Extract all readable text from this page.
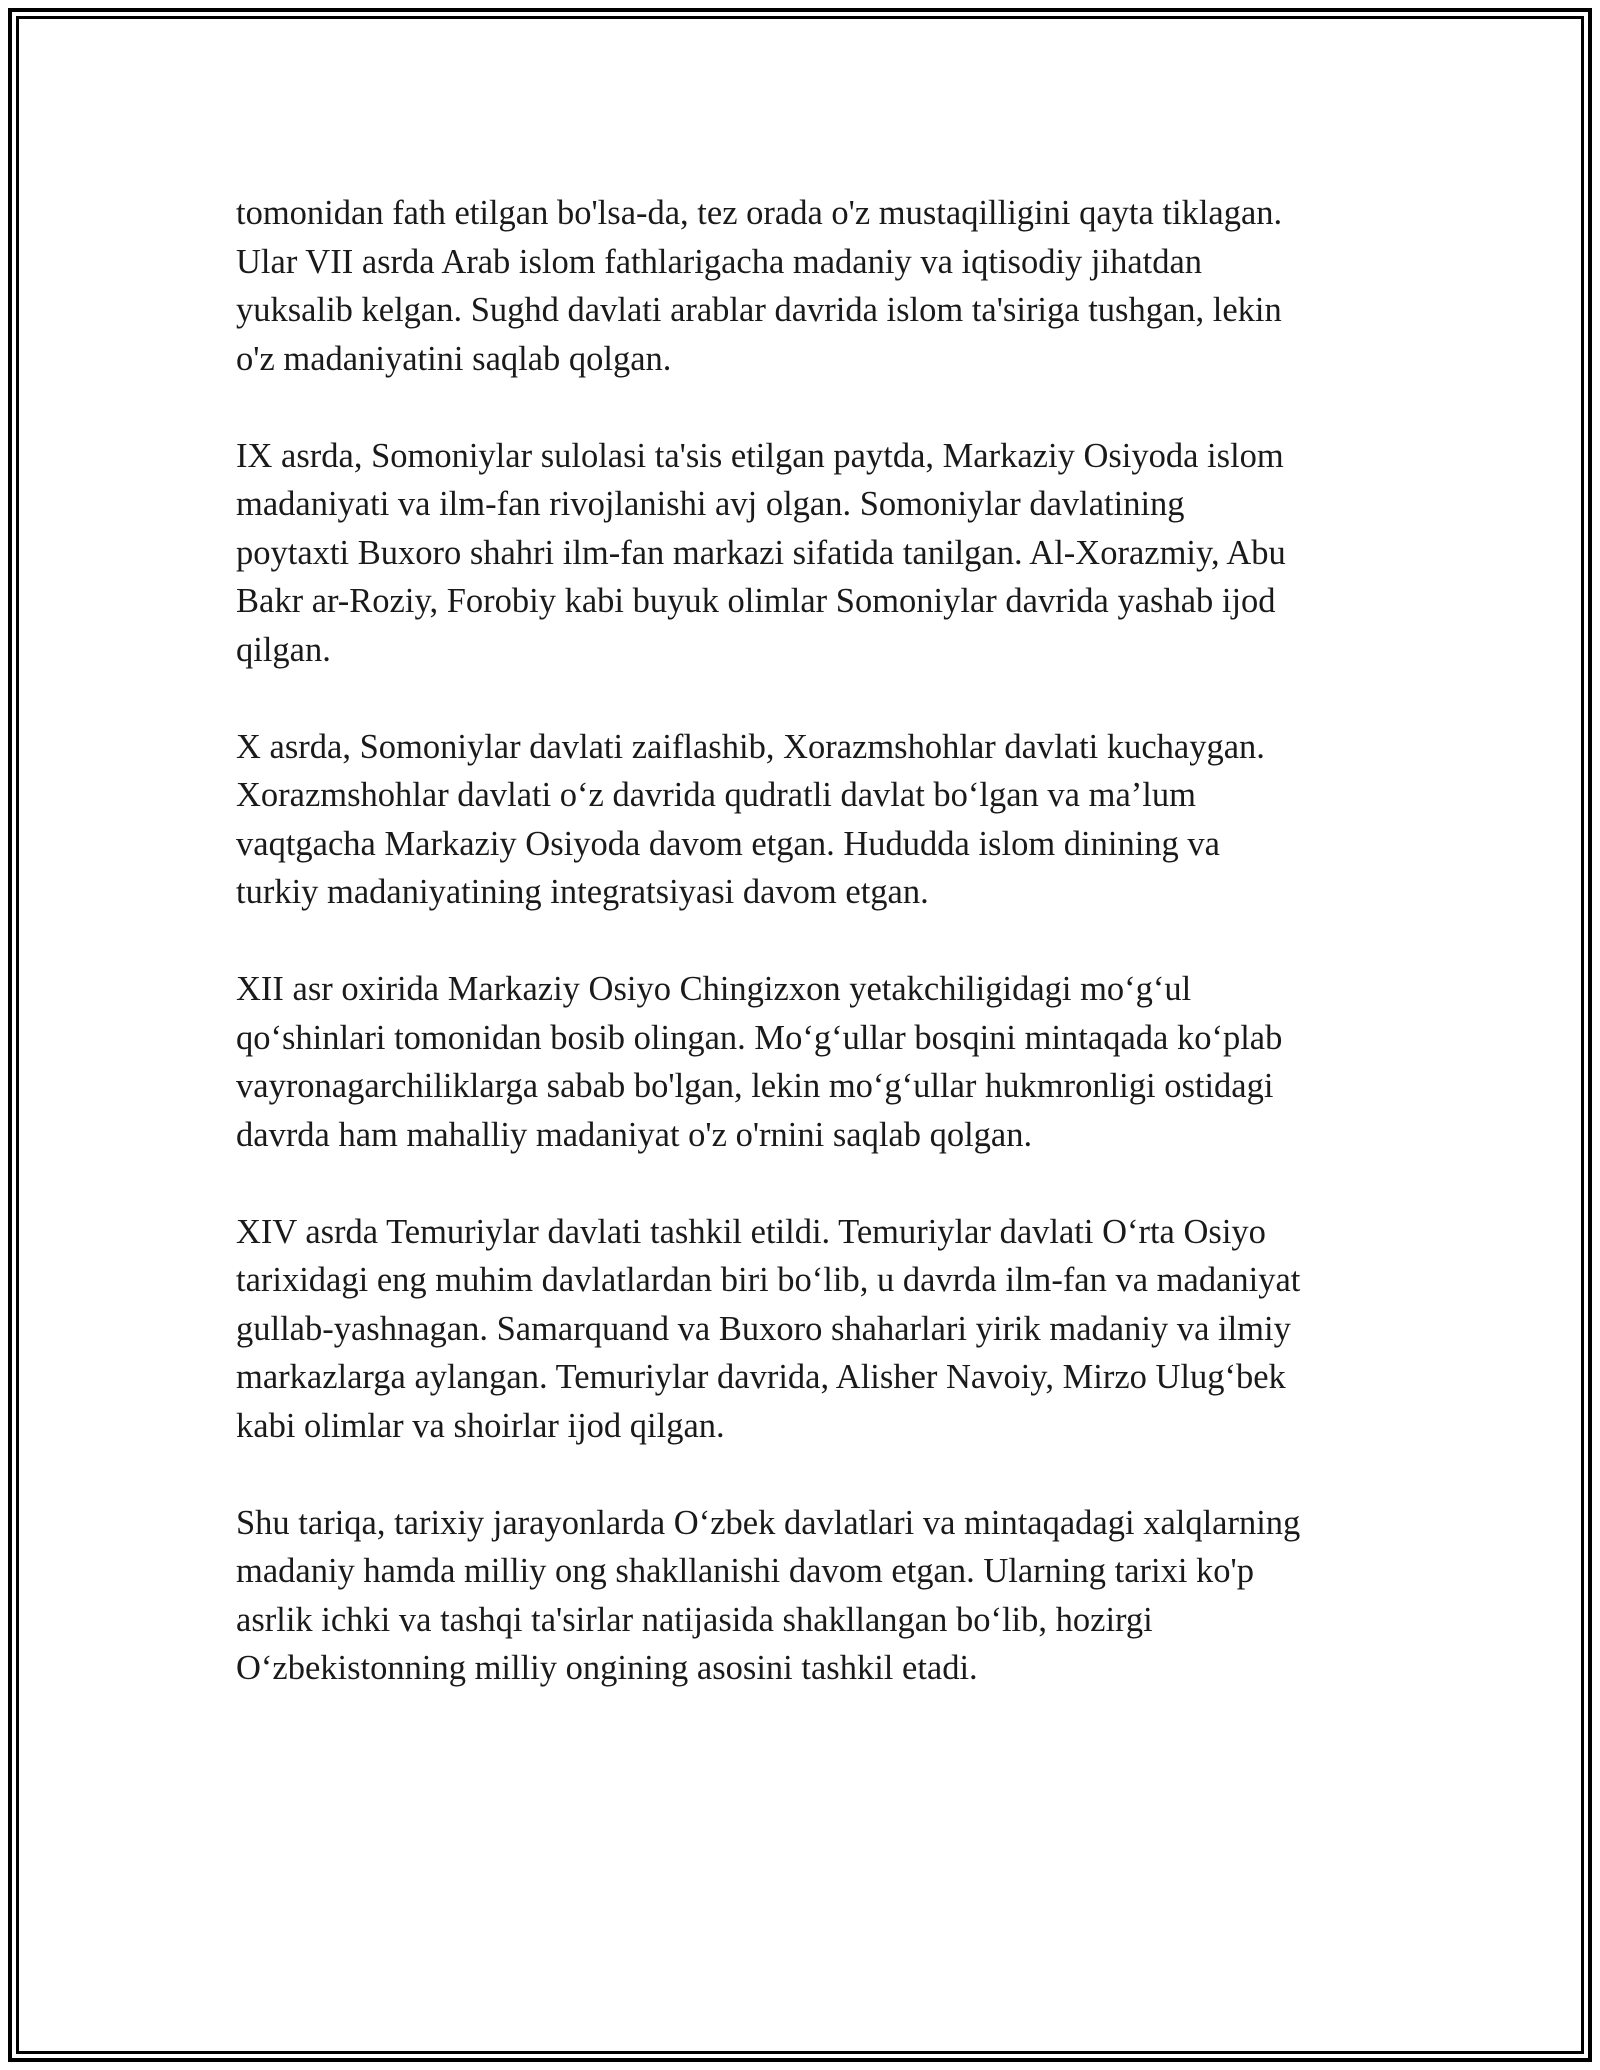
tomonidan fath etilgan bo'lsa-da, tez orada o'z mustaqilligini qayta tiklagan.
Ular VII asrda Arab islom fathlarigacha madaniy va iqtisodiy jihatdan
yuksalib kelgan. Sughd davlati arablar davrida islom ta'siriga tushgan, lekin
o'z madaniyatini saqlab qolgan.

IX asrda, Somoniylar sulolasi ta'sis etilgan paytda, Markaziy Osiyoda islom
madaniyati va ilm-fan rivojlanishi avj olgan. Somoniylar davlatining
poytaxti Buxoro shahri ilm-fan markazi sifatida tanilgan. Al-Xorazmiy, Abu
Bakr ar-Roziy, Forobiy kabi buyuk olimlar Somoniylar davrida yashab ijod
qilgan.

X asrda, Somoniylar davlati zaiflashib, Xorazmshohlar davlati kuchaygan.
Xorazmshohlar davlati o‘z davrida qudratli davlat bo‘lgan va ma’lum
vaqtgacha Markaziy Osiyoda davom etgan. Hududda islom dinining va
turkiy madaniyatining integratsiyasi davom etgan.

XII asr oxirida Markaziy Osiyo Chingizxon yetakchiligidagi mo‘g‘ul
qo‘shinlari tomonidan bosib olingan. Mo‘g‘ullar bosqini mintaqada ko‘plab
vayronagarchiliklarga sabab bo'lgan, lekin mo‘g‘ullar hukmronligi ostidagi
davrda ham mahalliy madaniyat o'z o'rnini saqlab qolgan.

XIV asrda Temuriylar davlati tashkil etildi. Temuriylar davlati O‘rta Osiyo
tarixidagi eng muhim davlatlardan biri bo‘lib, u davrda ilm-fan va madaniyat
gullab-yashnagan. Samarquand va Buxoro shaharlari yirik madaniy va ilmiy
markazlarga aylangan. Temuriylar davrida, Alisher Navoiy, Mirzo Ulug‘bek
kabi olimlar va shoirlar ijod qilgan.

Shu tariqa, tarixiy jarayonlarda O‘zbek davlatlari va mintaqadagi xalqlarning
madaniy hamda milliy ong shakllanishi davom etgan. Ularning tarixi ko'p
asrlik ichki va tashqi ta'sirlar natijasida shakllangan bo‘lib, hozirgi
O‘zbekistonning milliy ongining asosini tashkil etadi.
